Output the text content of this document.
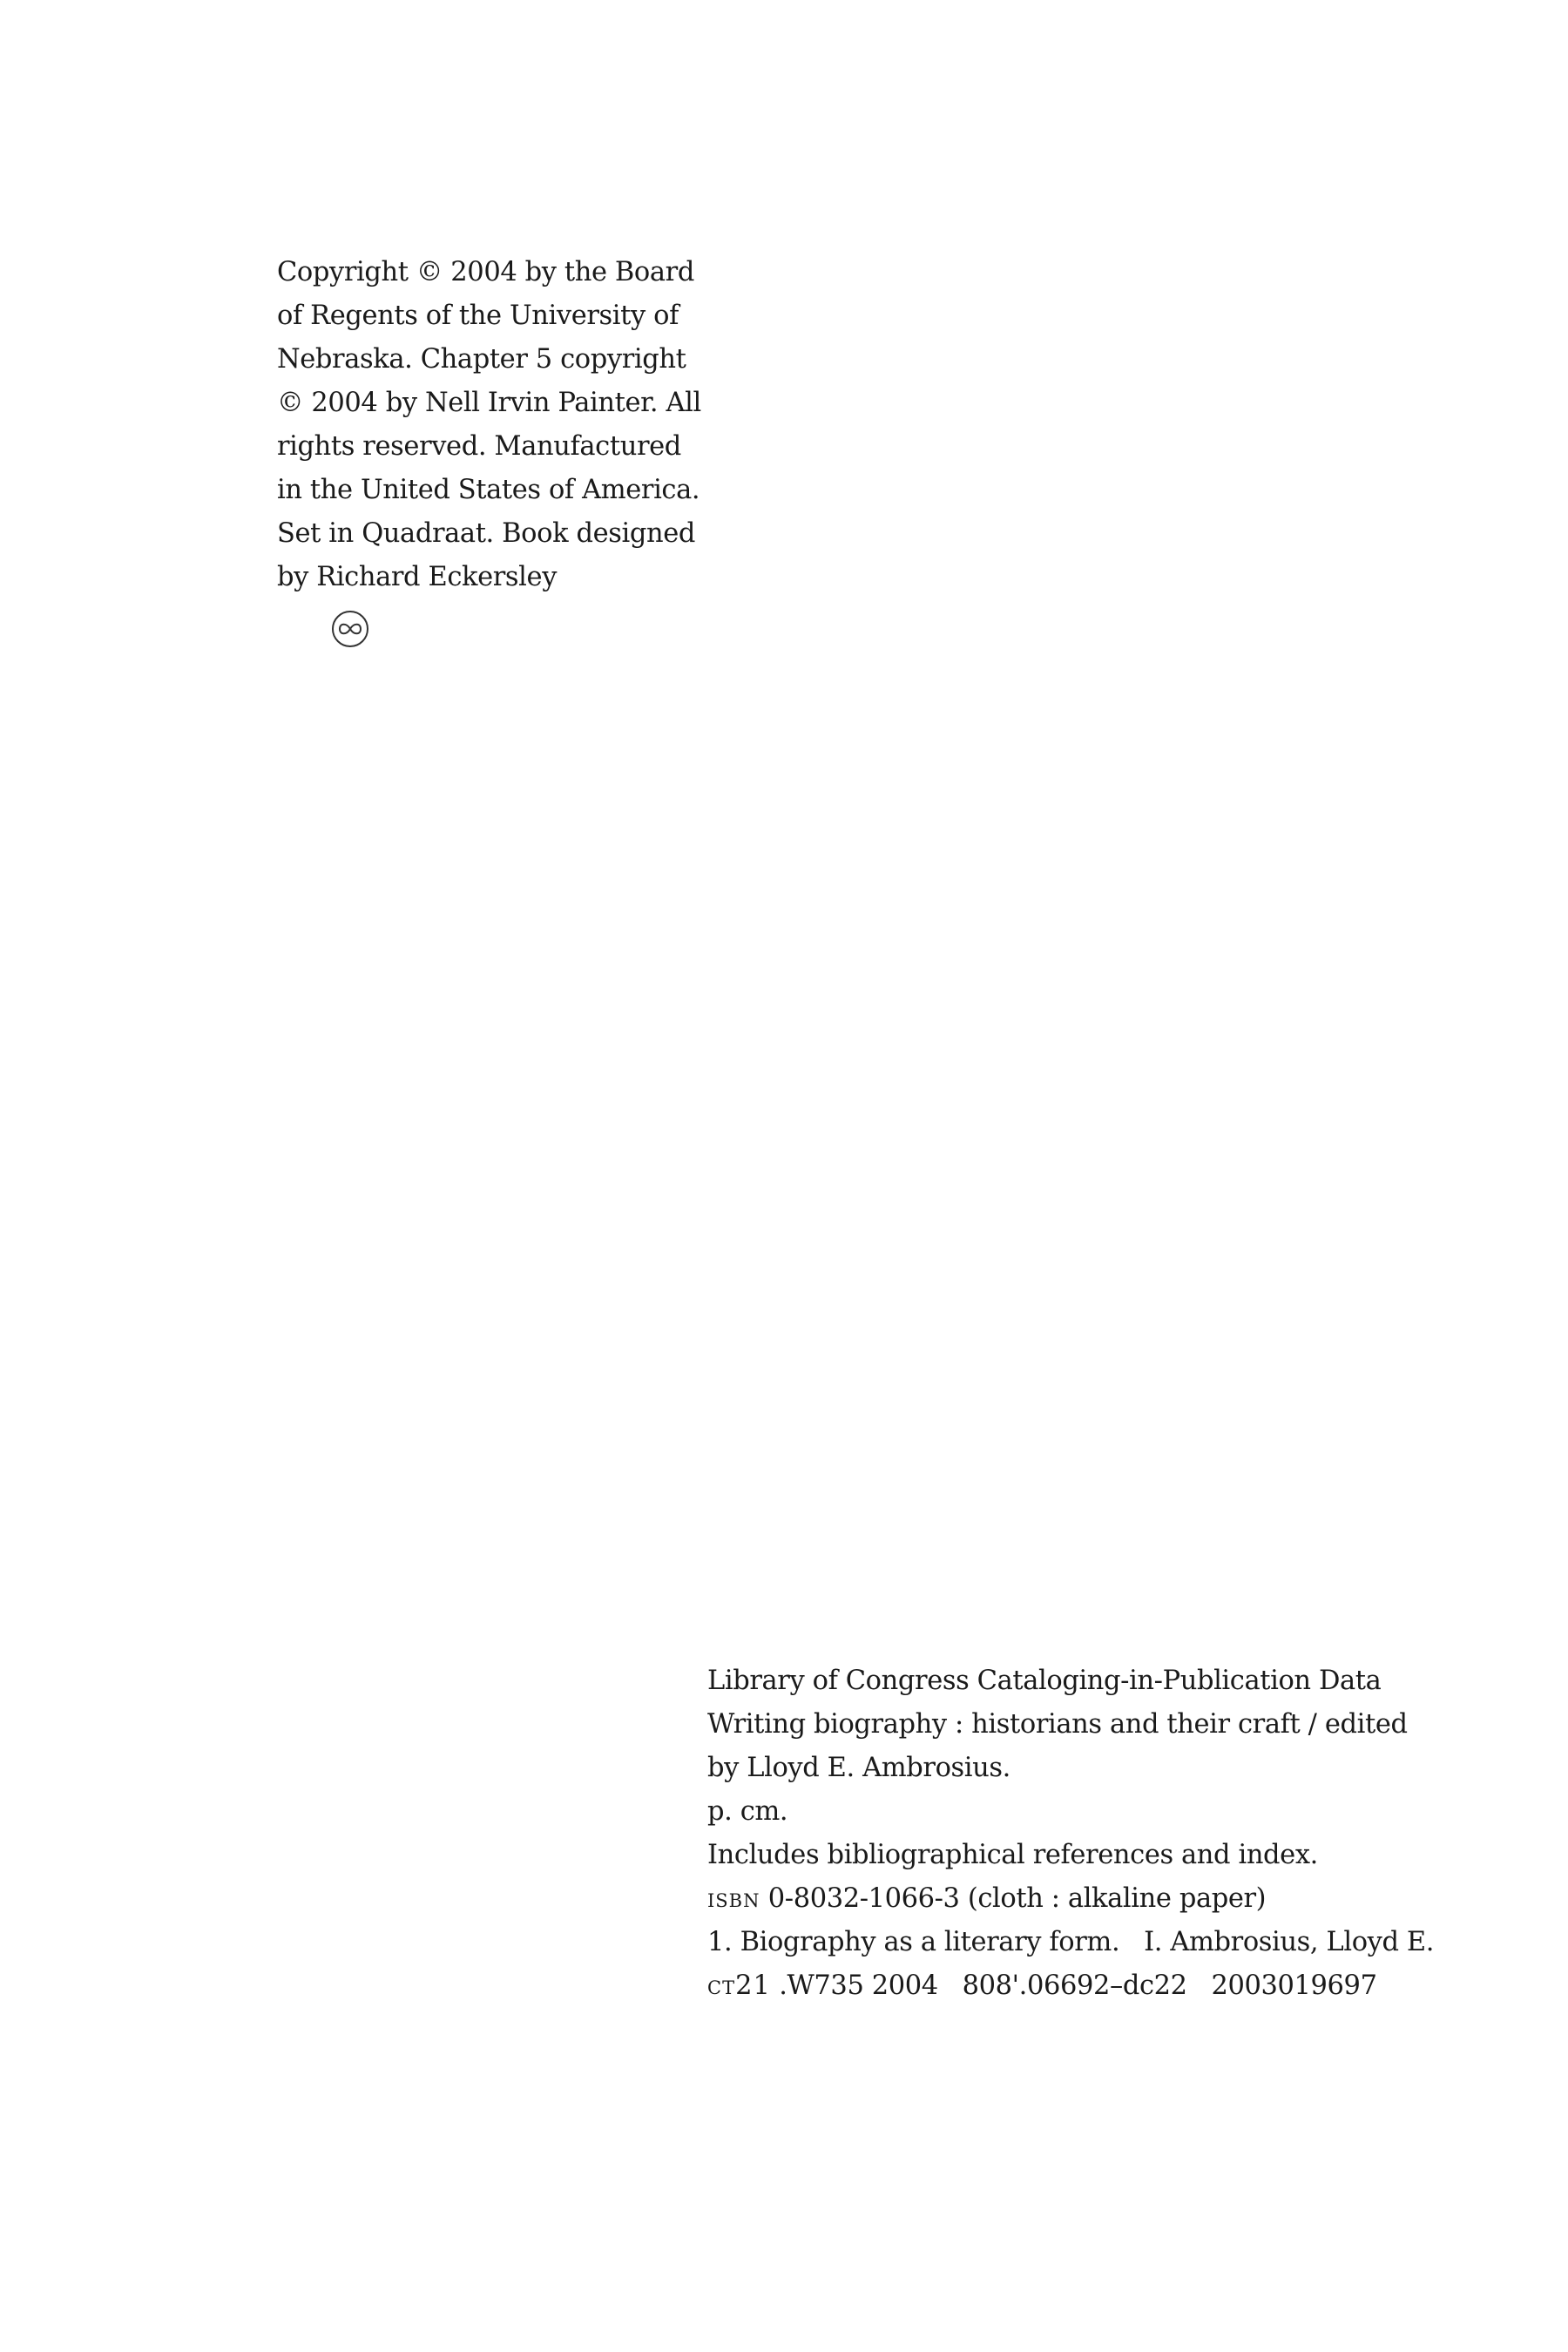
Copyright © 2004 by the Board
of Regents of the University of
Nebraska. Chapter 5 copyright
© 2004 by Nell Irvin Painter. All
rights reserved. Manufactured
in the United States of America.
Set in Quadraat. Book designed
by Richard Eckersley
Library of Congress Cataloging-in-Publication Data
Writing biography : historians and their craft / edited
by Lloyd E. Ambrosius.
p. cm.
Includes bibliographical references and index.
isbn 0-8032-1066-3 (cloth : alkaline paper)
1. Biography as a literary form.   I. Ambrosius, Lloyd E.
ct21 .W735 2004   808'.06692–dc22   2003019697
